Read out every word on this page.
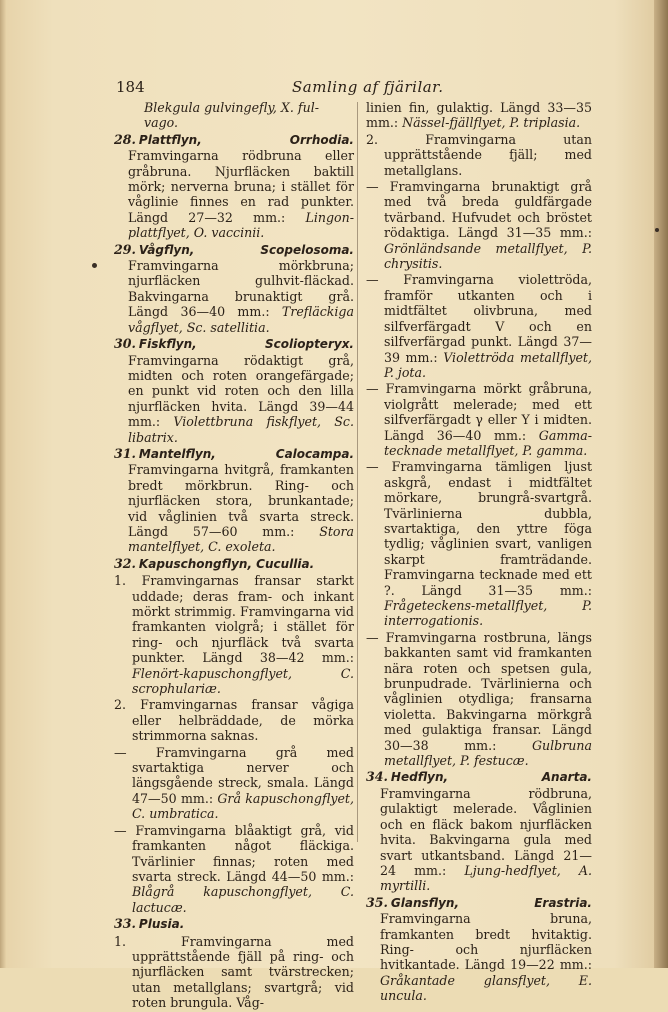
184	Samling af fjärilar.

Blekgula gulvingefly, X. ful-
vago.

28. Plattflyn, Orrhodia. Framvingarna rödbruna eller gråbruna. Njurfläcken baktill mörk; nerverna bruna; i stället för våglinie finnes en rad punkter. Längd 27—32 mm.: Lingon-plattflyet, O. vaccinii.

29. Vågflyn, Scopelosoma. Framvingarna mörkbruna; njurfläcken gulhvit-fläckad. Bakvingarna brunaktigt grå. Längd 36—40 mm.: Trefläckiga vågflyet, Sc. satellitia.

30. Fiskflyn, Scoliopteryx. Framvingarna rödaktigt grå, midten och roten orangefärgade; en punkt vid roten och den lilla njurfläcken hvita. Längd 39—44 mm.: Violettbruna fiskflyet, Sc. libatrix.

31. Mantelflyn, Calocampa. Framvingarna hvitgrå, framkanten bredt mörkbrun. Ring- och njurfläcken stora, brunkantade; vid våglinien två svarta streck. Längd 57—60 mm.: Stora mantelflyet, C. exoleta.

32. Kapuschongflyn, Cucullia.

1. Framvingarnas fransar starkt uddade; deras fram- och inkant mörkt strimmig. Framvingarna vid framkanten violgrå; i stället för ring- och njurfläck två svarta punkter. Längd 38—42 mm.: Flenört-kapuschongflyet, C. scrophulariæ.

2. Framvingarnas fransar vågiga eller helbräddade, de mörka strimmorna saknas.

— Framvingarna grå med svartaktiga nerver och längsgående streck, smala. Längd 47—50 mm.: Grå kapuschongflyet, C. umbratica.

— Framvingarna blåaktigt grå, vid framkanten något fläckiga. Tvärlinier finnas; roten med svarta streck. Längd 44—50 mm.: Blågrå kapuschongflyet, C. lactucæ.

33. Plusia.

1.	Framvingarna med upprättstående fjäll på ring- och njurfläcken samt tvärstrecken; utan metallglans; svartgrå; vid roten brungula. Våg-

linien fin, gulaktig. Längd 33—35 mm.: Nässel-fjällflyet, P. triplasia.

2.	Framvingarna utan upprättstående fjäll; med metallglans.

— Framvingarna brunaktigt grå med två breda guldfärgade tvärband. Hufvudet och bröstet rödaktiga. Längd 31—35 mm.: Grönländsande metallflyet, P. chrysitis.

— Framvingarna violettröda, framför utkanten och i midtfältet olivbruna, med silfverfärgadt V och en silfverfärgad punkt. Längd 37—39 mm.: Violettröda metallflyet, P. jota.

— Framvingarna mörkt gråbruna, violgrått melerade; med ett silfverfärgadt γ eller Y i midten. Längd 36—40 mm.: Gamma-tecknade metallflyet, P. gamma.

— Framvingarna tämligen ljust askgrå, endast i midtfältet mörkare, brungrå-svartgrå. Tvärlinierna dubbla, svartaktiga, den yttre föga tydlig; våglinien svart, vanligen skarpt framträdande. Framvingarna tecknade med ett ?. Längd 31—35 mm.: Frågeteckens-metallflyet, P. interrogationis.

— Framvingarna rostbruna, längs bakkanten samt vid framkanten nära roten och spetsen gula, brunpudrade. Tvärlinierna och våglinien otydliga; fransarna violetta. Bakvingarna mörkgrå med gulaktiga fransar. Längd 30—38 mm.:	Gulbruna metallflyet, P. festucæ.

34. Hedflyn, Anarta. Framvingarna rödbruna, gulaktigt melerade. Våglinien och en fläck bakom njurfläcken hvita. Bakvingarna gula med svart utkantsband. Längd 21—24 mm.: Ljung-hedflyet, A. myrtilli.

35. Glansflyn, Erastria. Framvingarna bruna, framkanten bredt hvitaktig. Ring- och njurfläcken hvitkantade. Längd 19—22 mm.: Gråkantade glansflyet, E. uncula.
